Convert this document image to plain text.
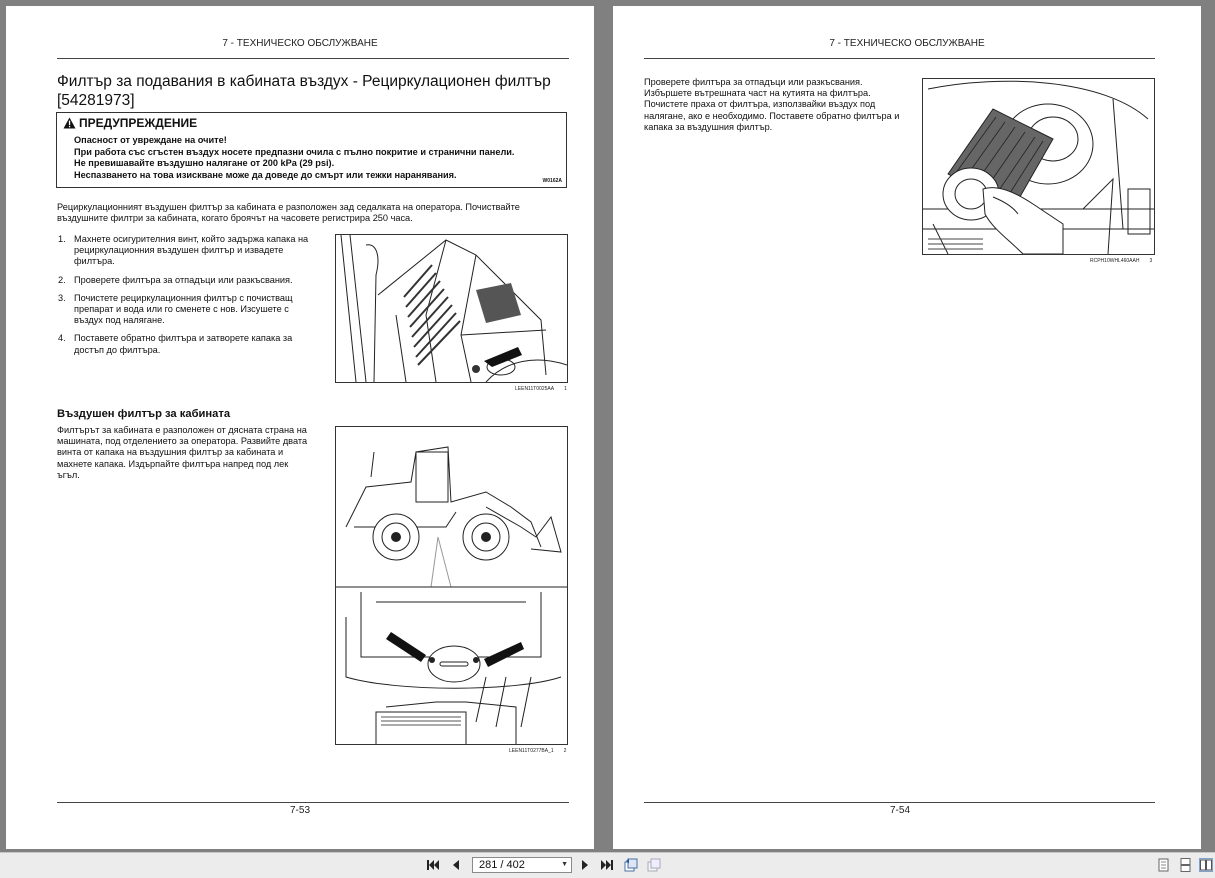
7 - ТЕХНИЧЕСКО ОБСЛУЖВАНЕ
Филтър за подавания в кабината въздух - Рециркулационен филтър [54281973]
ПРЕДУПРЕЖДЕНИЕ
Опасност от увреждане на очите!
При работа със сгъстен въздух носете предпазни очила с пълно покритие и странични панели.
Не превишавайте въздушно налягане от 200 kPa (29 psi).
Неспазването на това изискване може да доведе до смърт или тежки наранявания.
W0162A
Рециркулационният въздушен филтър за кабината е разположен зад седалката на оператора. Почиствайте въздушните филтри за кабината, когато броячът на часовете регистрира 250 часа.
1. Махнете осигурителния винт, който задържа капака на рециркулационния въздушен филтър и извадете филтъра.
2. Проверете филтъра за отпадъци или разкъсвания.
3. Почистете рециркулационния филтър с почистващ препарат и вода или го сменете с нов. Изсушете с въздух под налягане.
4. Поставете обратно филтъра и затворете капака за достъп до филтъра.
LEEN11T0025AA 1
Въздушен филтър за кабината
Филтърът за кабината е разположен от дясната страна на машината, под отделението за оператора. Развийте двата винта от капака на въздушния филтър за кабината и махнете капака. Издърпайте филтъра напред под лек ъгъл.
LEEN11T0277BA_1 2
7-53
7 - ТЕХНИЧЕСКО ОБСЛУЖВАНЕ
Проверете филтъра за отпадъци или разкъсвания. Избършете вътрешната част на кутията на филтъра. Почистете праха от филтъра, използвайки въздух под налягане, ако е необходимо. Поставете обратно филтъра и капака за въздушния филтър.
RCPH10WHL460AAH 3
7-54
281 / 402	▼
